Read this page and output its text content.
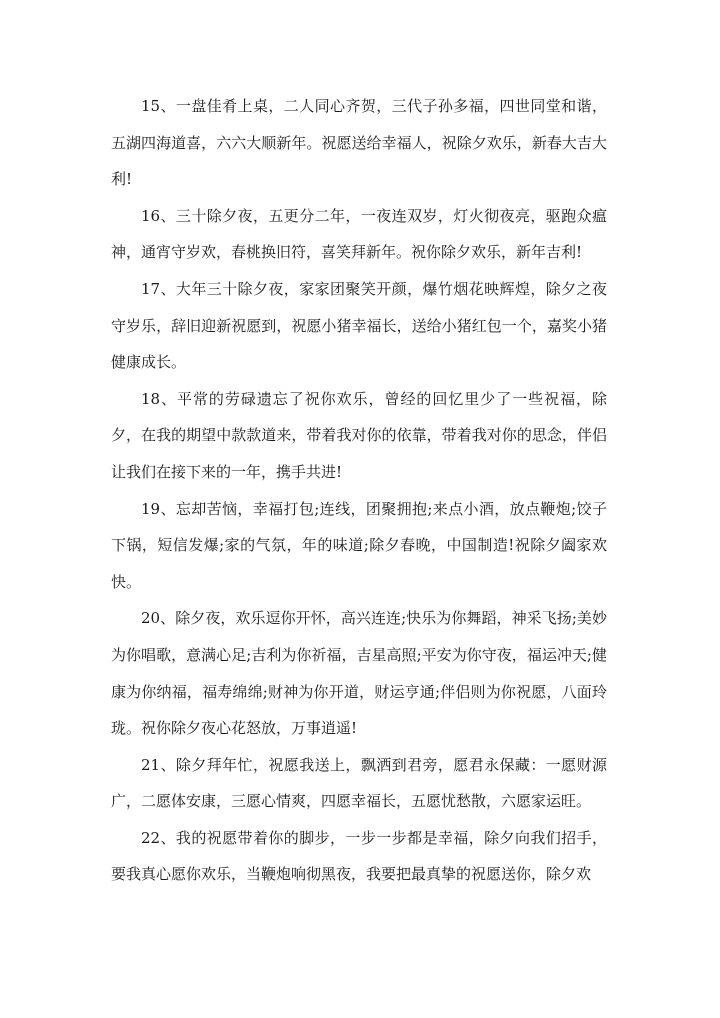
15、一盘佳肴上桌，二人同心齐贺，三代子孙多福，四世同堂和谐，五湖四海道喜，六六大顺新年。祝愿送给幸福人，祝除夕欢乐，新春大吉大利!

16、三十除夕夜，五更分二年，一夜连双岁，灯火彻夜亮，驱跑众瘟神，通宵守岁欢，春桃换旧符，喜笑拜新年。祝你除夕欢乐，新年吉利!

17、大年三十除夕夜，家家团聚笑开颜，爆竹烟花映辉煌，除夕之夜守岁乐，辞旧迎新祝愿到，祝愿小猪幸福长，送给小猪红包一个，嘉奖小猪健康成长。

18、平常的劳碌遗忘了祝你欢乐，曾经的回忆里少了一些祝福，除夕，在我的期望中款款道来，带着我对你的依靠，带着我对你的思念，伴侣让我们在接下来的一年，携手共进!

19、忘却苦恼，幸福打包;连线，团聚拥抱;来点小酒，放点鞭炮;饺子下锅，短信发爆;家的气氛，年的味道;除夕春晚，中国制造!祝除夕阖家欢快。

20、除夕夜，欢乐逗你开怀，高兴连连;快乐为你舞蹈，神采飞扬;美妙为你唱歌，意满心足;吉利为你祈福，吉星高照;平安为你守夜，福运冲天;健康为你纳福，福寿绵绵;财神为你开道，财运亨通;伴侣则为你祝愿，八面玲珑。祝你除夕夜心花怒放，万事逍遥!

21、除夕拜年忙，祝愿我送上，飘洒到君旁，愿君永保藏：一愿财源广，二愿体安康，三愿心情爽，四愿幸福长，五愿忧愁散，六愿家运旺。

22、我的祝愿带着你的脚步，一步一步都是幸福，除夕向我们招手，要我真心愿你欢乐，当鞭炮响彻黑夜，我要把最真挚的祝愿送你，除夕欢
